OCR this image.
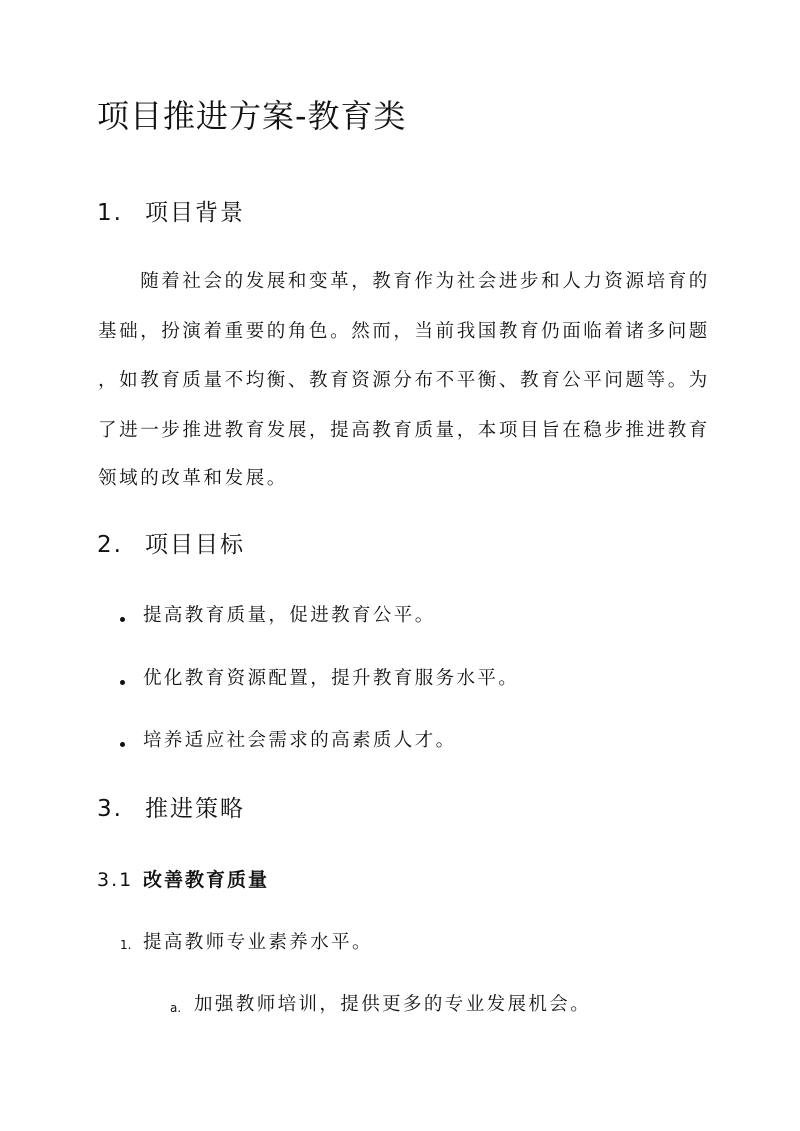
项目推进方案-教育类
1. 项目背景
　　随着社会的发展和变革，教育作为社会进步和人力资源培育的
基础，扮演着重要的角色。然而，当前我国教育仍面临着诸多问题
，如教育质量不均衡、教育资源分布不平衡、教育公平问题等。为
了进一步推进教育发展，提高教育质量，本项目旨在稳步推进教育
领域的改革和发展。
2. 项目目标
提高教育质量，促进教育公平。
优化教育资源配置，提升教育服务水平。
培养适应社会需求的高素质人才。
3. 推进策略
3.1 改善教育质量
1. 提高教师专业素养水平。
a. 加强教师培训，提供更多的专业发展机会。
